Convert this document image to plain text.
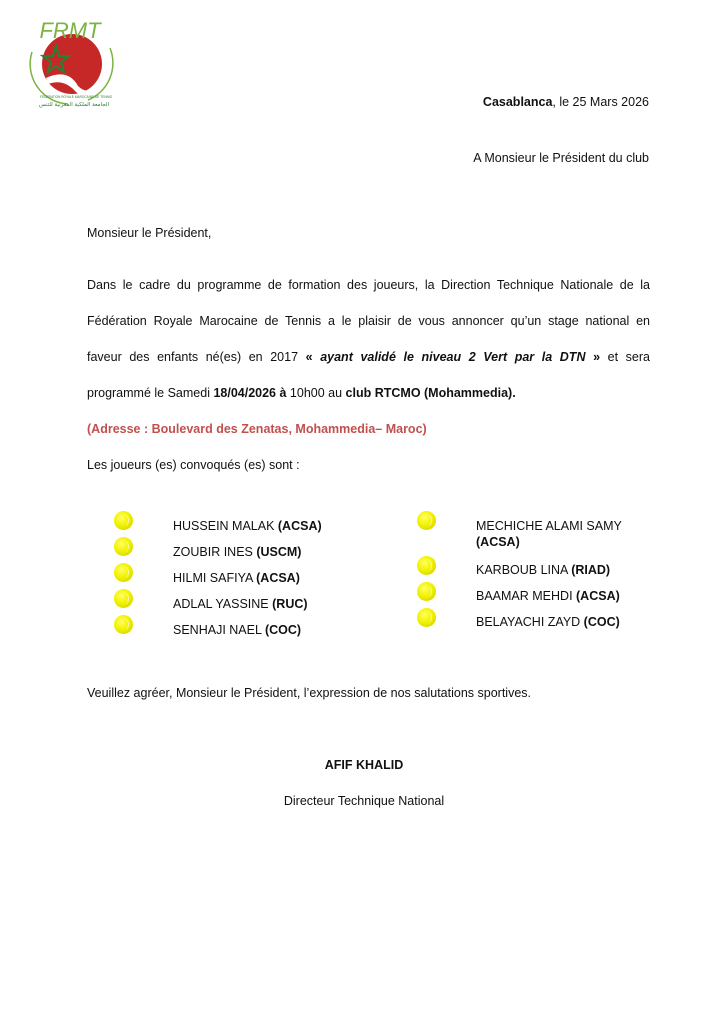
FRMT
FEDERATION ROYALE MAROCAINE DE TENNIS
الجامعة الملكية المغربية للتنس	Casablanca, le 25 Mars 2026
A Monsieur le Président du club
Monsieur le Président,
Dans le cadre du programme de formation des joueurs, la Direction Technique Nationale de la
Fédération Royale Marocaine de Tennis a le plaisir de vous annoncer qu’un stage national en
faveur des enfants né(es) en 2017 « ayant validé le niveau 2 Vert par la DTN » et sera
programmé le Samedi 18/04/2026 à 10h00 au club RTCMO (Mohammedia).
(Adresse : Boulevard des Zenatas, Mohammedia– Maroc)
Les joueurs (es) convoqués (es) sont :
HUSSEIN MALAK (ACSA)
ZOUBIR INES (USCM)
HILMI SAFIYA (ACSA)
ADLAL YASSINE (RUC)
SENHAJI NAEL (COC)
MECHICHE ALAMI SAMY
(ACSA)
KARBOUB LINA (RIAD)
BAAMAR MEHDI (ACSA)
BELAYACHI ZAYD (COC)
Veuillez agréer, Monsieur le Président, l’expression de nos salutations sportives.
AFIF KHALID
Directeur Technique National
